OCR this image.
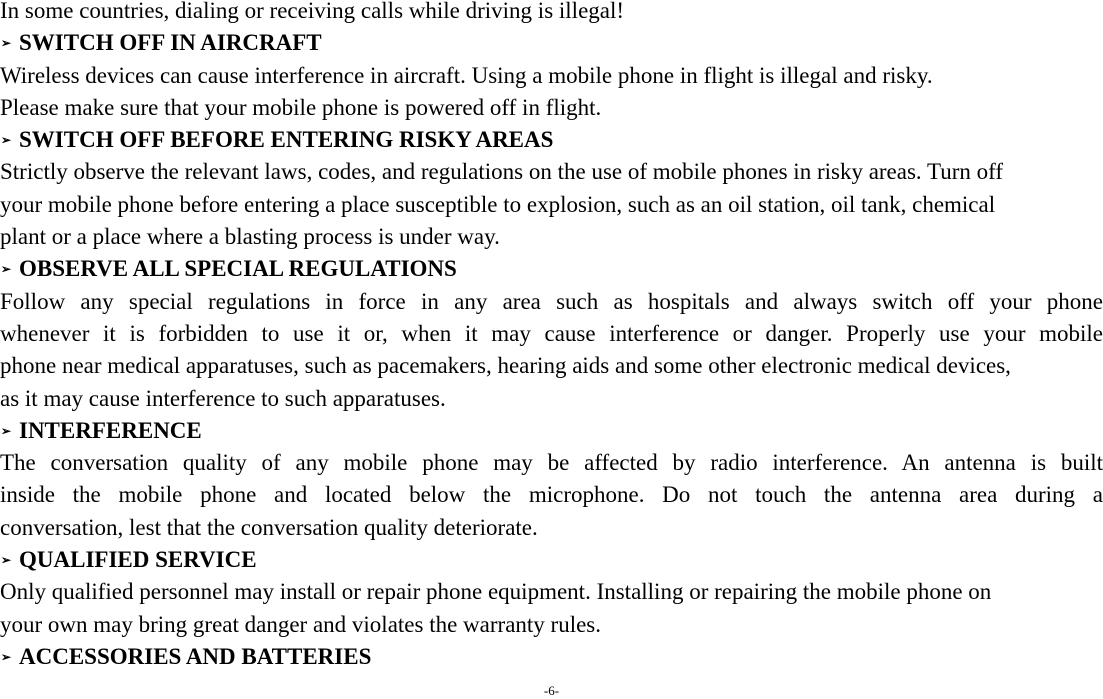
In some countries, dialing or receiving calls while driving is illegal!
➢ SWITCH OFF IN AIRCRAFT
Wireless devices can cause interference in aircraft. Using a mobile phone in flight is illegal and risky.
Please make sure that your mobile phone is powered off in flight.
➢ SWITCH OFF BEFORE ENTERING RISKY AREAS
Strictly observe the relevant laws, codes, and regulations on the use of mobile phones in risky areas. Turn off
your mobile phone before entering a place susceptible to explosion, such as an oil station, oil tank, chemical
plant or a place where a blasting process is under way.
➢ OBSERVE ALL SPECIAL REGULATIONS
Follow any special regulations in force in any area such as hospitals and always switch off your phone
whenever it is forbidden to use it or, when it may cause interference or danger. Properly use your mobile
phone near medical apparatuses, such as pacemakers, hearing aids and some other electronic medical devices,
as it may cause interference to such apparatuses.
➢ INTERFERENCE
The conversation quality of any mobile phone may be affected by radio interference. An antenna is built
inside the mobile phone and located below the microphone. Do not touch the antenna area during a
conversation, lest that the conversation quality deteriorate.
➢ QUALIFIED SERVICE
Only qualified personnel may install or repair phone equipment. Installing or repairing the mobile phone on
your own may bring great danger and violates the warranty rules.
➢ ACCESSORIES AND BATTERIES
-6-
